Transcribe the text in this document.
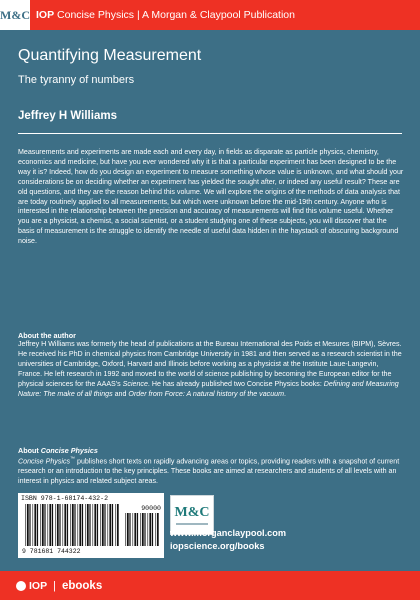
M&C IOP Concise Physics | A Morgan & Claypool Publication
Quantifying Measurement
The tyranny of numbers
Jeffrey H Williams
Measurements and experiments are made each and every day, in fields as disparate as particle physics, chemistry, economics and medicine, but have you ever wondered why it is that a particular experiment has been designed to be the way it is? Indeed, how do you design an experiment to measure something whose value is unknown, and what should your considerations be on deciding whether an experiment has yielded the sought after, or indeed any useful result? These are old questions, and they are the reason behind this volume. We will explore the origins of the methods of data analysis that are today routinely applied to all measurements, but which were unknown before the mid-19th century. Anyone who is interested in the relationship between the precision and accuracy of measurements will find this volume useful. Whether you are a physicist, a chemist, a social scientist, or a student studying one of these subjects, you will discover that the basis of measurement is the struggle to identify the needle of useful data hidden in the haystack of obscuring background noise.
About the author
Jeffrey H Williams was formerly the head of publications at the Bureau International des Poids et Mesures (BIPM), Sèvres. He received his PhD in chemical physics from Cambridge University in 1981 and then served as a research scientist in the universities of Cambridge, Oxford, Harvard and Illinois before working as a physicist at the Institute Laue-Langevin, France. He left research in 1992 and moved to the world of science publishing by becoming the European editor for the physical sciences for the AAAS's Science. He has already published two Concise Physics books: Defining and Measuring Nature: The make of all things and Order from Force: A natural history of the vacuum.
About Concise Physics
Concise Physics™ publishes short texts on rapidly advancing areas or topics, providing readers with a snapshot of current research or an introduction to the key principles. These books are aimed at researchers and students of all levels with an interest in physics and related subject areas.
ISBN 978-1-68174-432-2
90000
9 781681 744322
M&C
www.morganclaypool.com
iopscience.org/books
IOP | ebooks
